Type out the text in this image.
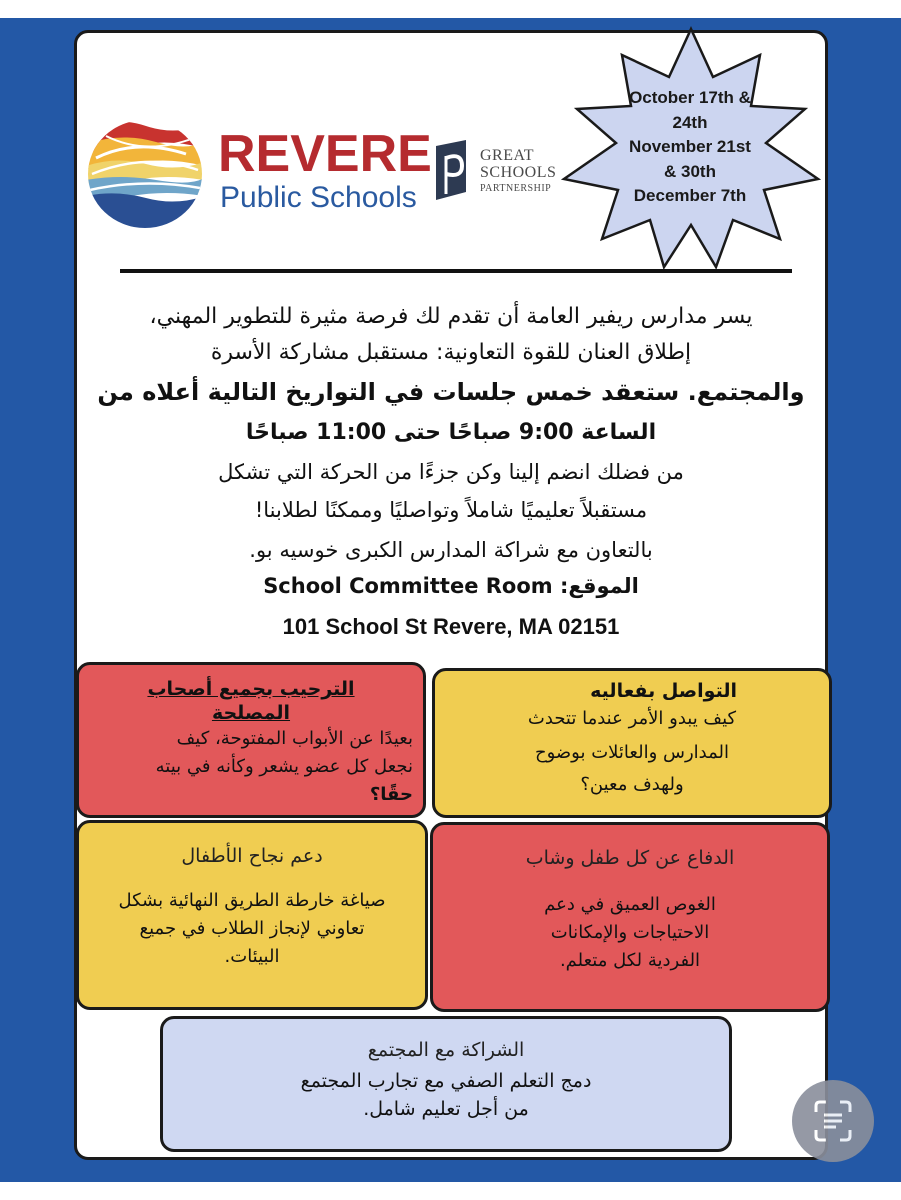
REVERE
Public Schools
GREAT
SCHOOLS
PARTNERSHIP
October 17th &
24th
November 21st
& 30th
December 7th
يسر مدارس ريفير العامة أن تقدم لك فرصة مثيرة للتطوير المهني،
إطلاق العنان للقوة التعاونية: مستقبل مشاركة الأسرة
والمجتمع. ستعقد خمس جلسات في التواريخ التالية أعلاه من
الساعة 9:00 صباحًا حتى 11:00 صباحًا
من فضلك انضم إلينا وكن جزءًا من الحركة التي تشكل
مستقبلاً تعليميًا شاملاً وتواصليًا وممكنًا لطلابنا!
بالتعاون مع شراكة المدارس الكبرى خوسيه بو.
الموقع: School Committee Room
101 School St Revere, MA 02151
الترحيب بجميع أصحاب
المصلحة
بعيدًا عن الأبواب المفتوحة، كيف
نجعل كل عضو يشعر وكأنه في بيته
حقًا؟
التواصل بفعاليه
كيف يبدو الأمر عندما تتحدث
المدارس والعائلات بوضوح
ولهدف معين؟
دعم نجاح الأطفال
صياغة خارطة الطريق النهائية بشكل
تعاوني لإنجاز الطلاب في جميع
البيئات.
الدفاع عن كل طفل وشاب
الغوص العميق في دعم
الاحتياجات والإمكانات
الفردية لكل متعلم.
الشراكة مع المجتمع
دمج التعلم الصفي مع تجارب المجتمع
من أجل تعليم شامل.
